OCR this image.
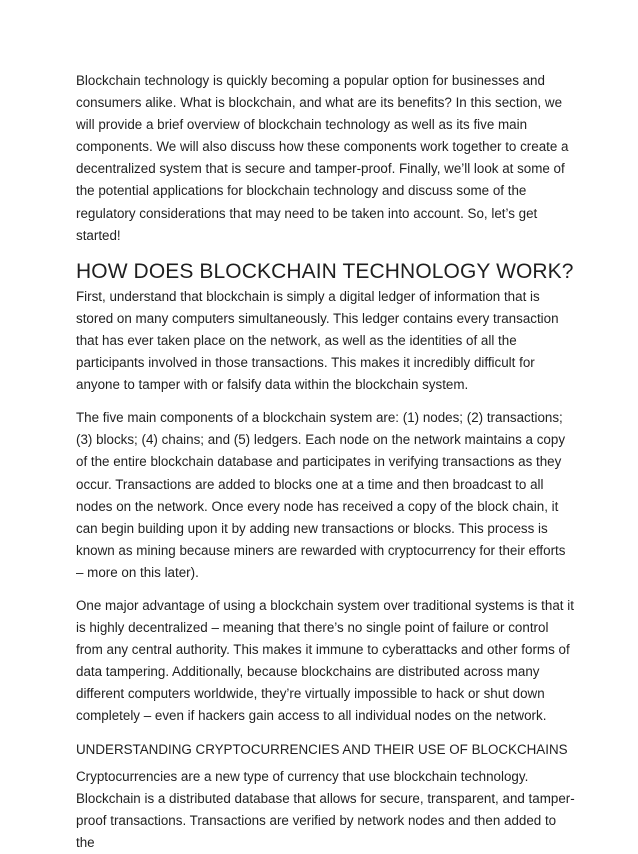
Blockchain technology is quickly becoming a popular option for businesses and consumers alike. What is blockchain, and what are its benefits? In this section, we will provide a brief overview of blockchain technology as well as its five main components. We will also discuss how these components work together to create a decentralized system that is secure and tamper-proof. Finally, we’ll look at some of the potential applications for blockchain technology and discuss some of the regulatory considerations that may need to be taken into account. So, let’s get started!

HOW DOES BLOCKCHAIN TECHNOLOGY WORK?

First, understand that blockchain is simply a digital ledger of information that is stored on many computers simultaneously. This ledger contains every transaction that has ever taken place on the network, as well as the identities of all the participants involved in those transactions. This makes it incredibly difficult for anyone to tamper with or falsify data within the blockchain system.

The five main components of a blockchain system are: (1) nodes; (2) transactions; (3) blocks; (4) chains; and (5) ledgers. Each node on the network maintains a copy of the entire blockchain database and participates in verifying transactions as they occur. Transactions are added to blocks one at a time and then broadcast to all nodes on the network. Once every node has received a copy of the block chain, it can begin building upon it by adding new transactions or blocks. This process is known as mining because miners are rewarded with cryptocurrency for their efforts – more on this later).

One major advantage of using a blockchain system over traditional systems is that it is highly decentralized – meaning that there’s no single point of failure or control from any central authority. This makes it immune to cyberattacks and other forms of data tampering. Additionally, because blockchains are distributed across many different computers worldwide, they’re virtually impossible to hack or shut down completely – even if hackers gain access to all individual nodes on the network.

UNDERSTANDING CRYPTOCURRENCIES AND THEIR USE OF BLOCKCHAINS

Cryptocurrencies are a new type of currency that use blockchain technology. Blockchain is a distributed database that allows for secure, transparent, and tamper-proof transactions. Transactions are verified by network nodes and then added to the
